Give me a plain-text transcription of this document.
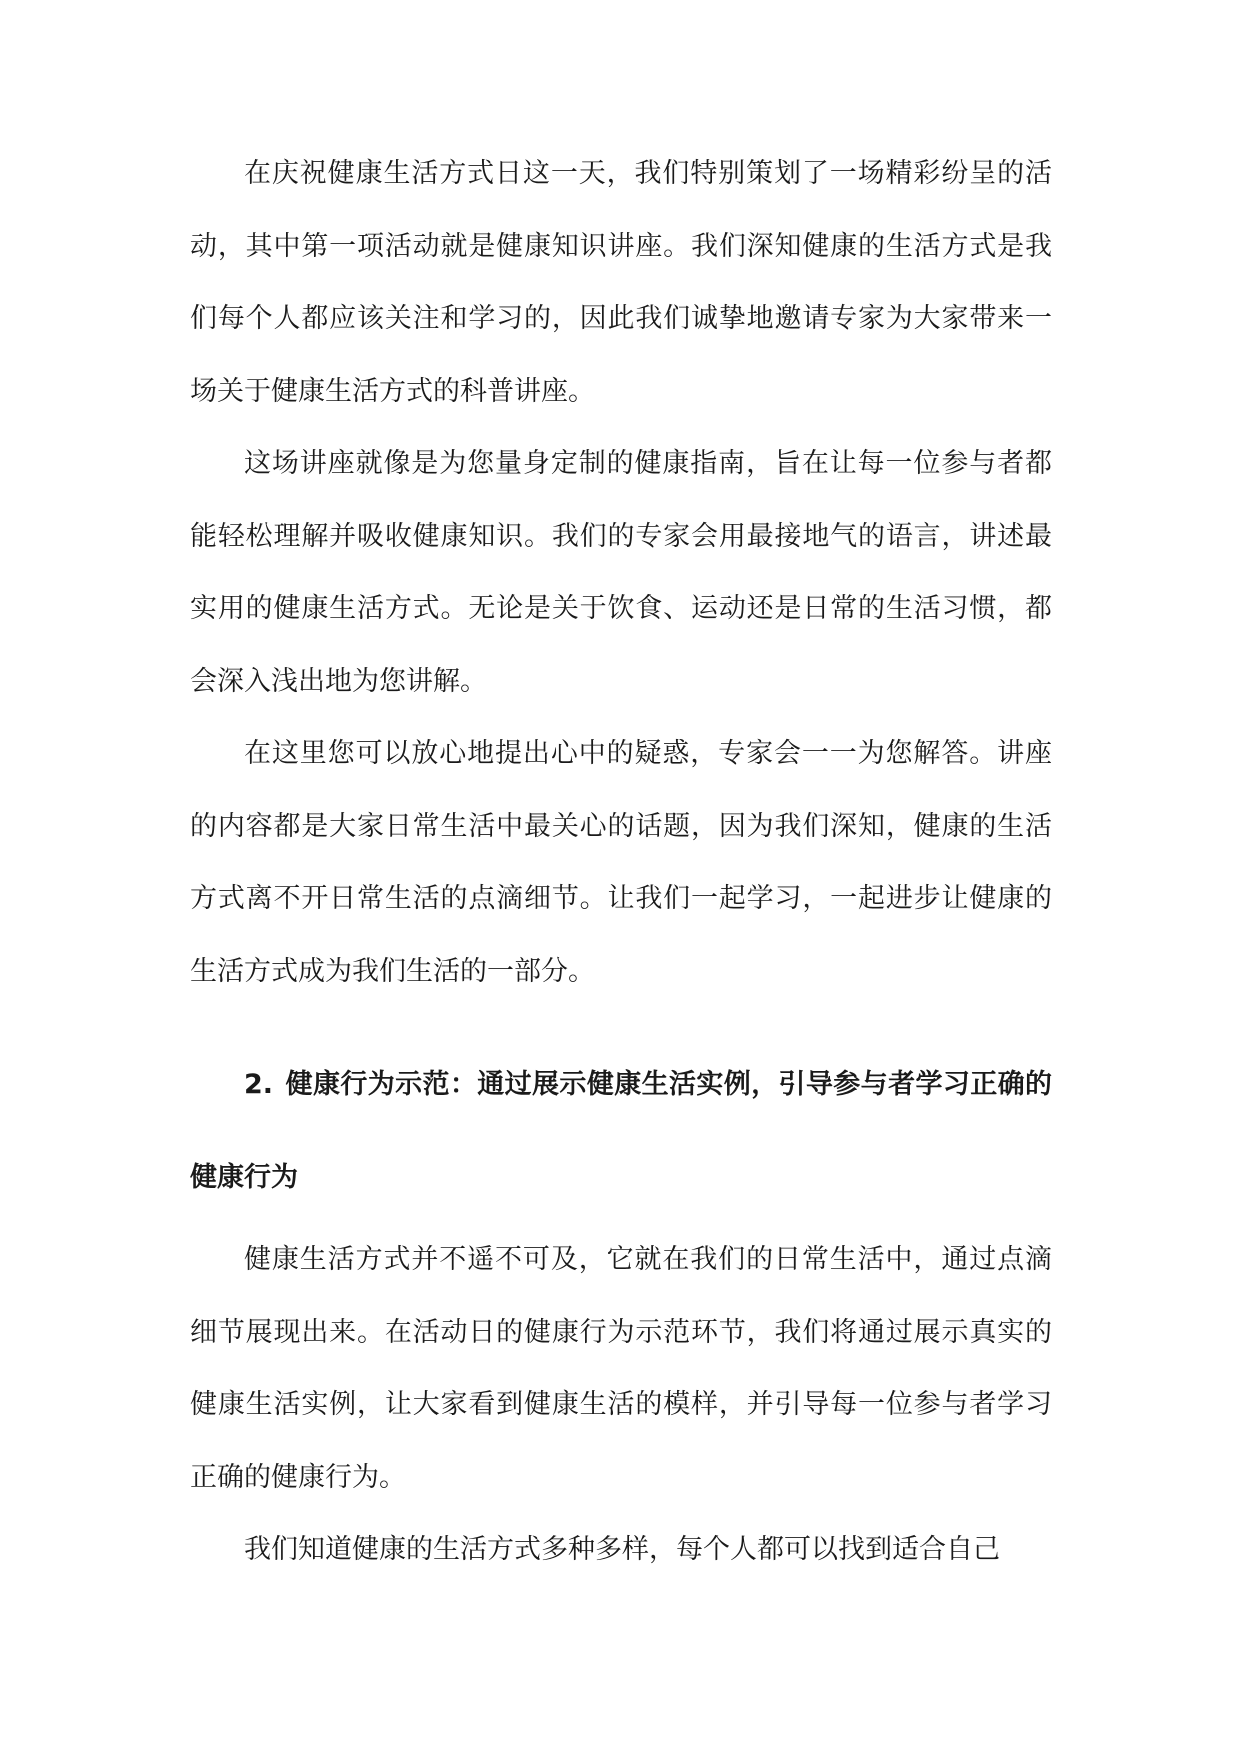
在庆祝健康生活方式日这一天，我们特别策划了一场精彩纷呈的活动，其中第一项活动就是健康知识讲座。我们深知健康的生活方式是我们每个人都应该关注和学习的，因此我们诚挚地邀请专家为大家带来一场关于健康生活方式的科普讲座。

这场讲座就像是为您量身定制的健康指南，旨在让每一位参与者都能轻松理解并吸收健康知识。我们的专家会用最接地气的语言，讲述最实用的健康生活方式。无论是关于饮食、运动还是日常的生活习惯，都会深入浅出地为您讲解。

在这里您可以放心地提出心中的疑惑，专家会一一为您解答。讲座的内容都是大家日常生活中最关心的话题，因为我们深知，健康的生活方式离不开日常生活的点滴细节。让我们一起学习，一起进步让健康的生活方式成为我们生活的一部分。

2. 健康行为示范：通过展示健康生活实例，引导参与者学习正确的健康行为

健康生活方式并不遥不可及，它就在我们的日常生活中，通过点滴细节展现出来。在活动日的健康行为示范环节，我们将通过展示真实的健康生活实例，让大家看到健康生活的模样，并引导每一位参与者学习正确的健康行为。

我们知道健康的生活方式多种多样，每个人都可以找到适合自己
